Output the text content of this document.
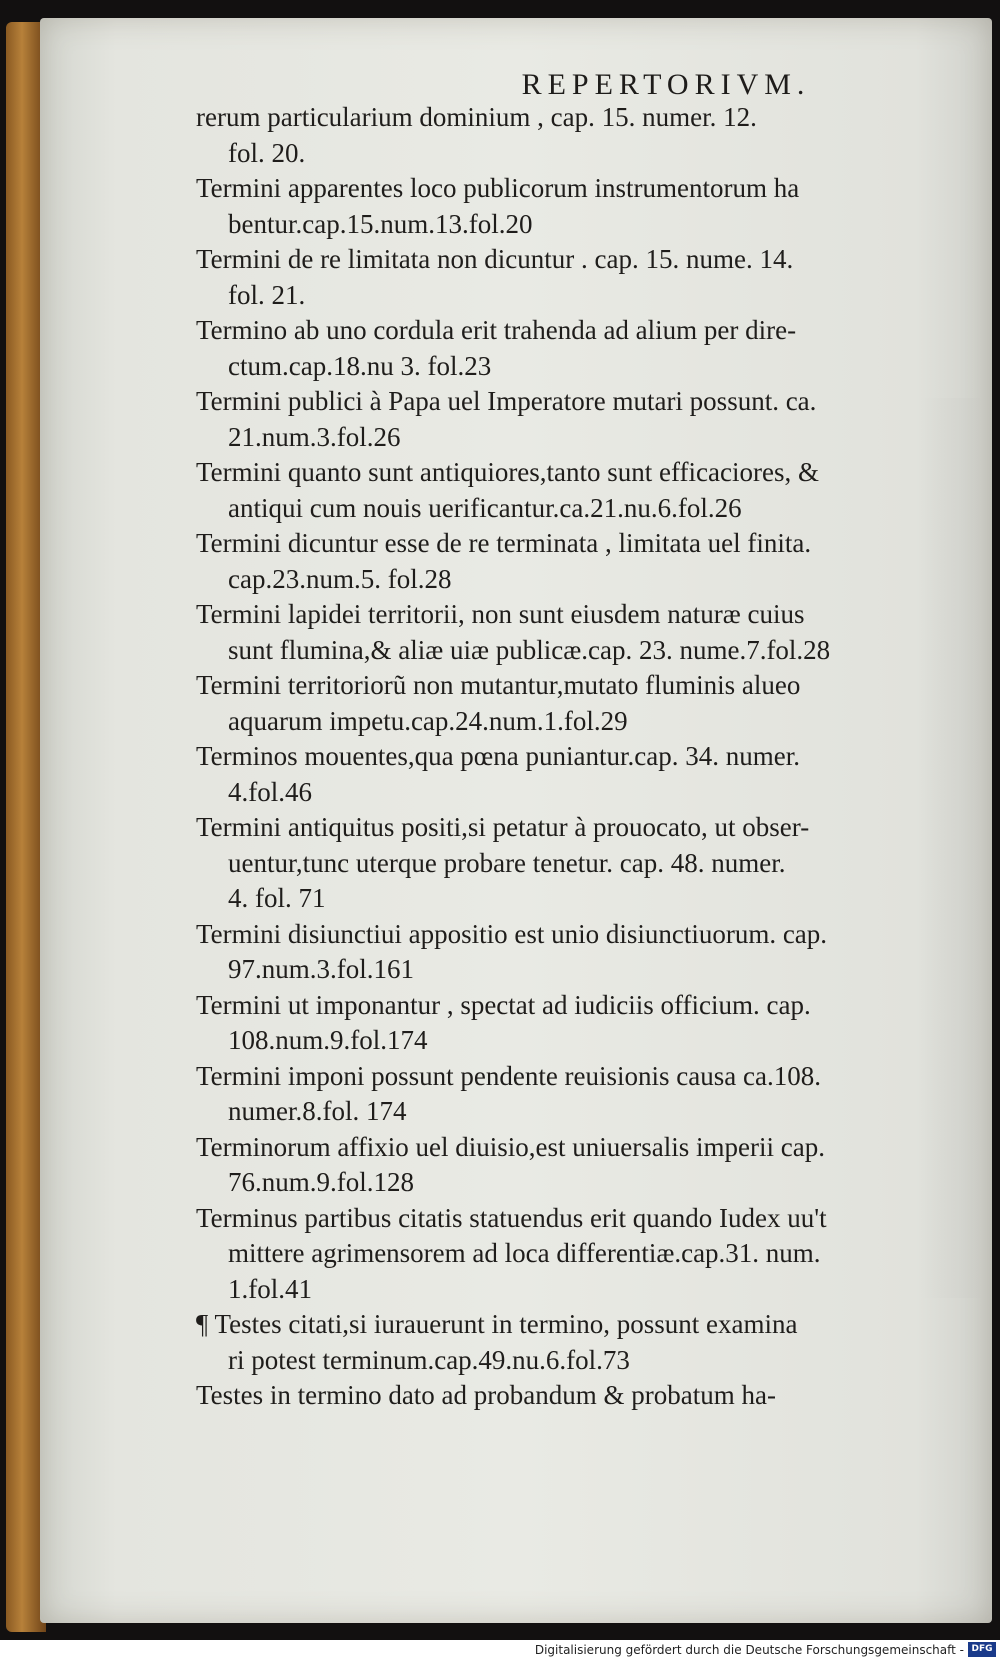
REPERTORIVM.
rerum particularium dominium , cap. 15. numer. 12.
fol. 20.
Termini apparentes loco publicorum instrumentorum ha
bentur.cap.15.num.13.fol.20
Termini de re limitata non dicuntur . cap. 15. nume. 14.
fol. 21.
Termino ab uno cordula erit trahenda ad alium per dire-
ctum.cap.18.nu 3. fol.23
Termini publici à Papa uel Imperatore mutari possunt. ca.
21.num.3.fol.26
Termini quanto sunt antiquiores,tanto sunt efficaciores, &
antiqui cum nouis uerificantur.ca.21.nu.6.fol.26
Termini dicuntur esse de re terminata , limitata uel finita.
cap.23.num.5. fol.28
Termini lapidei territorii, non sunt eiusdem naturæ cuius
sunt flumina,& aliæ uiæ publicæ.cap. 23. nume.7.fol.28
Termini territoriorũ non mutantur,mutato fluminis alueo
aquarum impetu.cap.24.num.1.fol.29
Terminos mouentes,qua pœna puniantur.cap. 34. numer.
4.fol.46
Termini antiquitus positi,si petatur à prouocato, ut obser-
uentur,tunc uterque probare tenetur. cap. 48. numer.
4. fol. 71
Termini disiunctiui appositio est unio disiunctiuorum. cap.
97.num.3.fol.161
Termini ut imponantur , spectat ad iudiciis officium. cap.
108.num.9.fol.174
Termini imponi possunt pendente reuisionis causa ca.108.
numer.8.fol. 174
Terminorum affixio uel diuisio,est uniuersalis imperii cap.
76.num.9.fol.128
Terminus partibus citatis statuendus erit quando Iudex uu't
mittere agrimensorem ad loca differentiæ.cap.31. num.
1.fol.41
¶ Testes citati,si iurauerunt in termino, possunt examina
ri potest terminum.cap.49.nu.6.fol.73
Testes in termino dato ad probandum & probatum ha-
Digitalisierung gefördert durch die Deutsche Forschungsgemeinschaft - DFG
